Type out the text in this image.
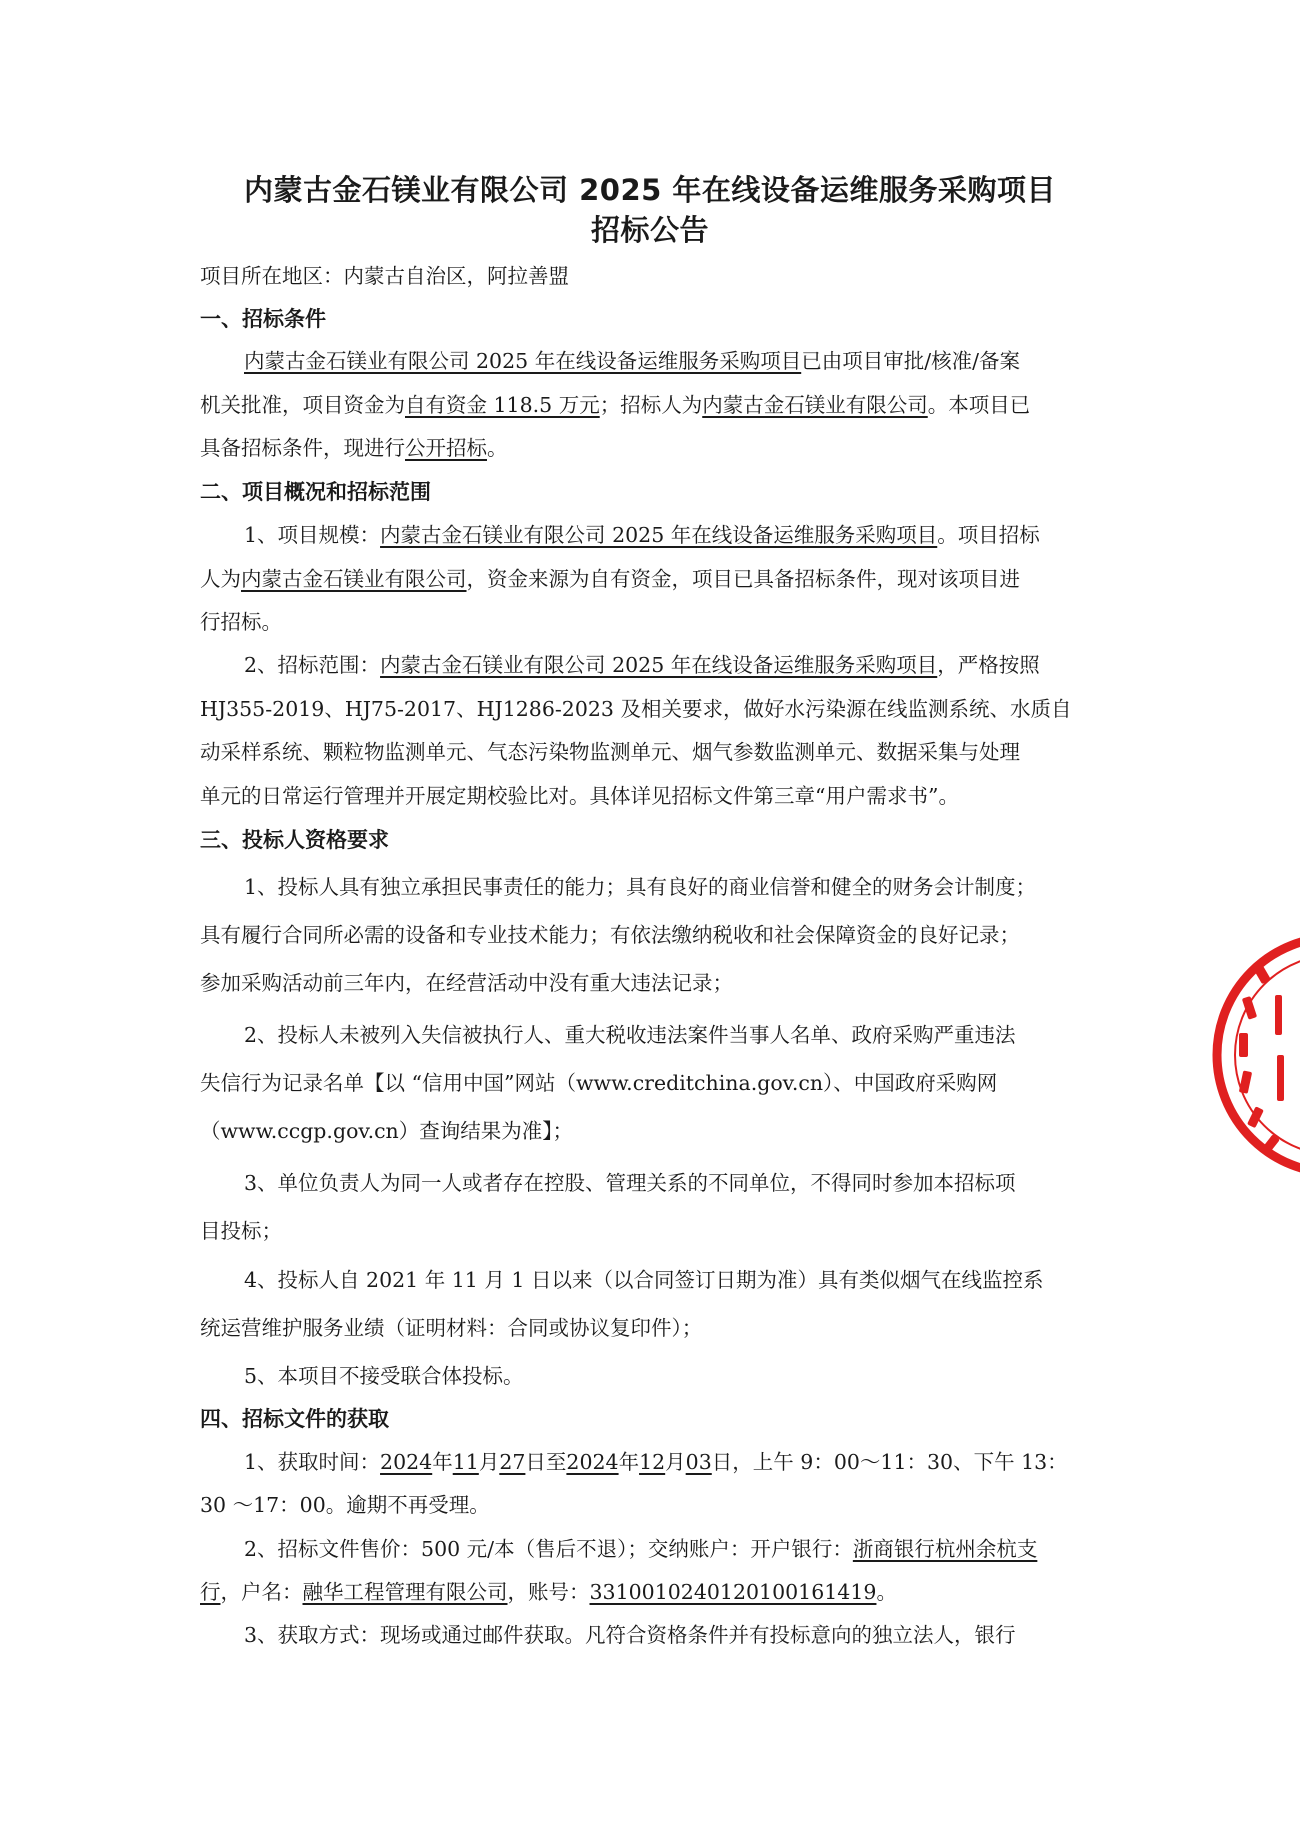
内蒙古金石镁业有限公司 2025 年在线设备运维服务采购项目
招标公告
项目所在地区：内蒙古自治区，阿拉善盟
一、招标条件
内蒙古金石镁业有限公司 2025 年在线设备运维服务采购项目已由项目审批/核准/备案
机关批准，项目资金为自有资金 118.5 万元；招标人为内蒙古金石镁业有限公司。本项目已
具备招标条件，现进行公开招标。
二、项目概况和招标范围
1、项目规模：内蒙古金石镁业有限公司 2025 年在线设备运维服务采购项目。项目招标
人为内蒙古金石镁业有限公司，资金来源为自有资金，项目已具备招标条件，现对该项目进
行招标。
2、招标范围：内蒙古金石镁业有限公司 2025 年在线设备运维服务采购项目，严格按照
HJ355-2019、HJ75-2017、HJ1286-2023 及相关要求，做好水污染源在线监测系统、水质自
动采样系统、颗粒物监测单元、气态污染物监测单元、烟气参数监测单元、数据采集与处理
单元的日常运行管理并开展定期校验比对。具体详见招标文件第三章“用户需求书”。
三、投标人资格要求
1、投标人具有独立承担民事责任的能力；具有良好的商业信誉和健全的财务会计制度；
具有履行合同所必需的设备和专业技术能力；有依法缴纳税收和社会保障资金的良好记录；
参加采购活动前三年内，在经营活动中没有重大违法记录；
2、投标人未被列入失信被执行人、重大税收违法案件当事人名单、政府采购严重违法
失信行为记录名单【以 “信用中国”网站（www.creditchina.gov.cn）、中国政府采购网
（www.ccgp.gov.cn）查询结果为准】；
3、单位负责人为同一人或者存在控股、管理关系的不同单位，不得同时参加本招标项
目投标；
4、投标人自 2021 年 11 月 1 日以来（以合同签订日期为准）具有类似烟气在线监控系
统运营维护服务业绩（证明材料：合同或协议复印件）；
5、本项目不接受联合体投标。
四、招标文件的获取
1、获取时间：2024年11月27日至2024年12月03日，上午 9：00～11：30、下午 13：
30 ～17：00。逾期不再受理。
2、招标文件售价：500 元/本（售后不退）；交纳账户：开户银行：浙商银行杭州余杭支
行，户名：融华工程管理有限公司，账号：3310010240120100161419。
3、获取方式：现场或通过邮件获取。凡符合资格条件并有投标意向的独立法人，银行
